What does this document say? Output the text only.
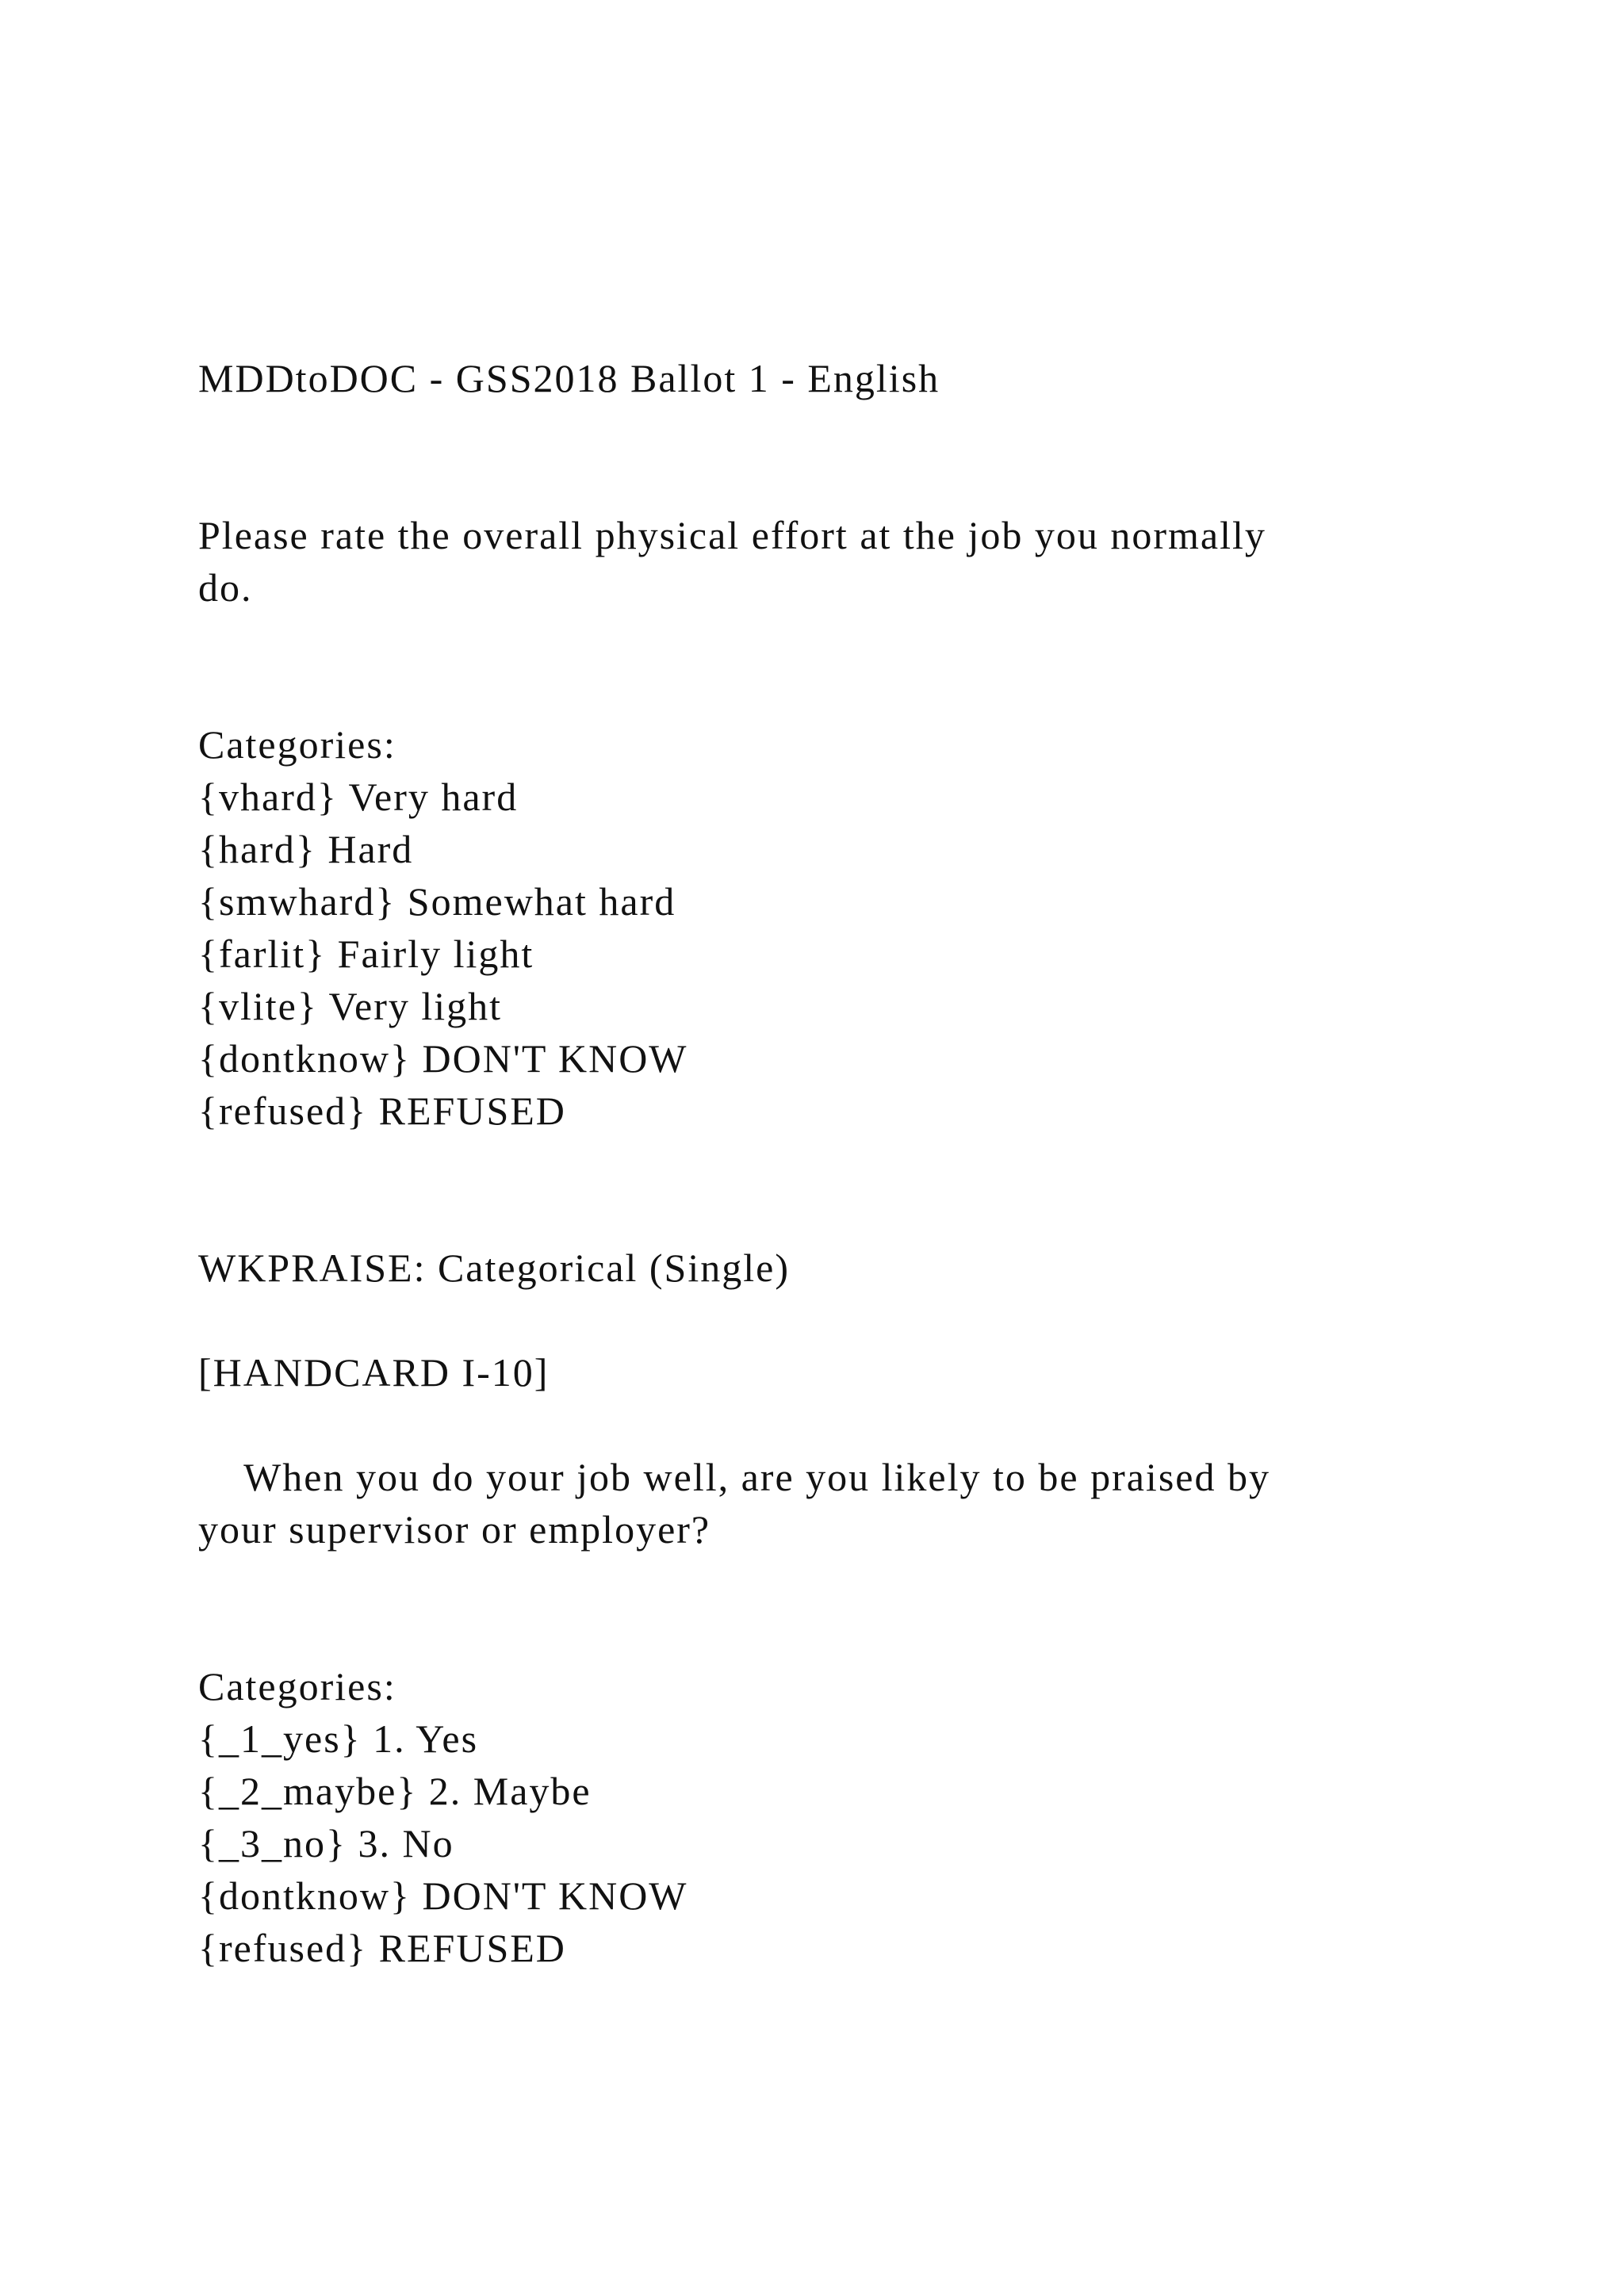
MDDtoDOC - GSS2018 Ballot 1 - English
Please rate the overall physical effort at the job you normally
do.
Categories:
{vhard} Very hard
{hard} Hard
{smwhard} Somewhat hard
{farlit} Fairly light
{vlite} Very light
{dontknow} DON'T KNOW
{refused} REFUSED
WKPRAISE: Categorical (Single)
[HANDCARD I-10]
When you do your job well, are you likely to be praised by
your supervisor or employer?
Categories:
{_1_yes} 1. Yes
{_2_maybe} 2. Maybe
{_3_no} 3. No
{dontknow} DON'T KNOW
{refused} REFUSED
